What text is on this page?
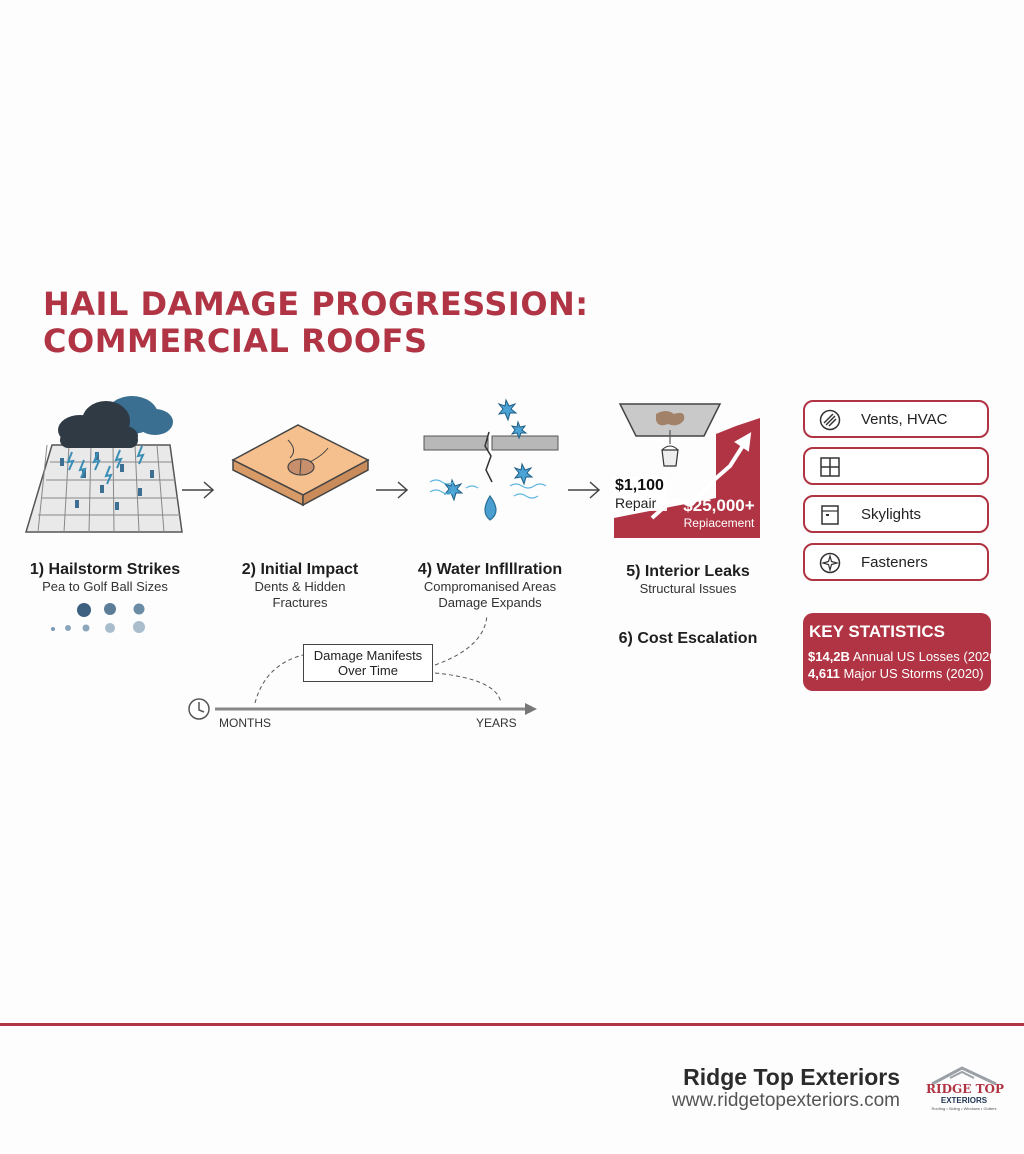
HAIL DAMAGE PROGRESSION:
COMMERCIAL ROOFS
$1,100
Repair	$25,000+
Repiacement
1) Hailstorm Strikes
Pea to Golf Ball Sizes
2) Initial Impact
Dents & Hidden
Fractures
4) Water Inflllration
Compromanised Areas
Damage Expands
5) Interior Leaks
Structural Issues
6) Cost Escalation
Damage Manifests
Over Time
MONTHS	YEARS
Vents, HVAC
Skylights
Fasteners
KEY STATISTICS
$14,2B Annual US Losses (2020)
4,611 Major US Storms (2020)
Ridge Top Exteriors
www.ridgetopexteriors.com
RIDGE TOP
EXTERIORS
Roofing • Siding • Windows • Gutters
